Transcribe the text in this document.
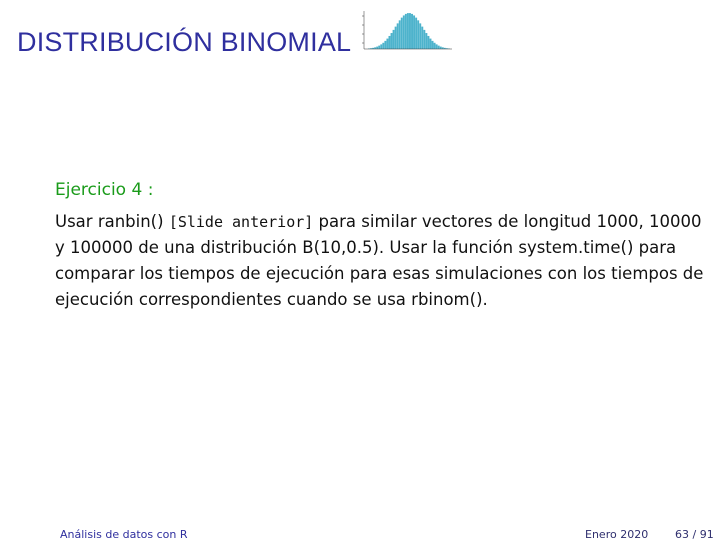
DISTRIBUCIÓN BINOMIAL
Ejercicio 4 :
Usar ranbin() [Slide anterior] para similar vectores de longitud 1000, 10000 y 100000 de una distribución B(10,0.5). Usar la función system.time() para comparar los tiempos de ejecución para esas simulaciones con los tiempos de ejecución correspondientes cuando se usa rbinom().
Análisis de datos con R	Enero 2020 63 / 91
